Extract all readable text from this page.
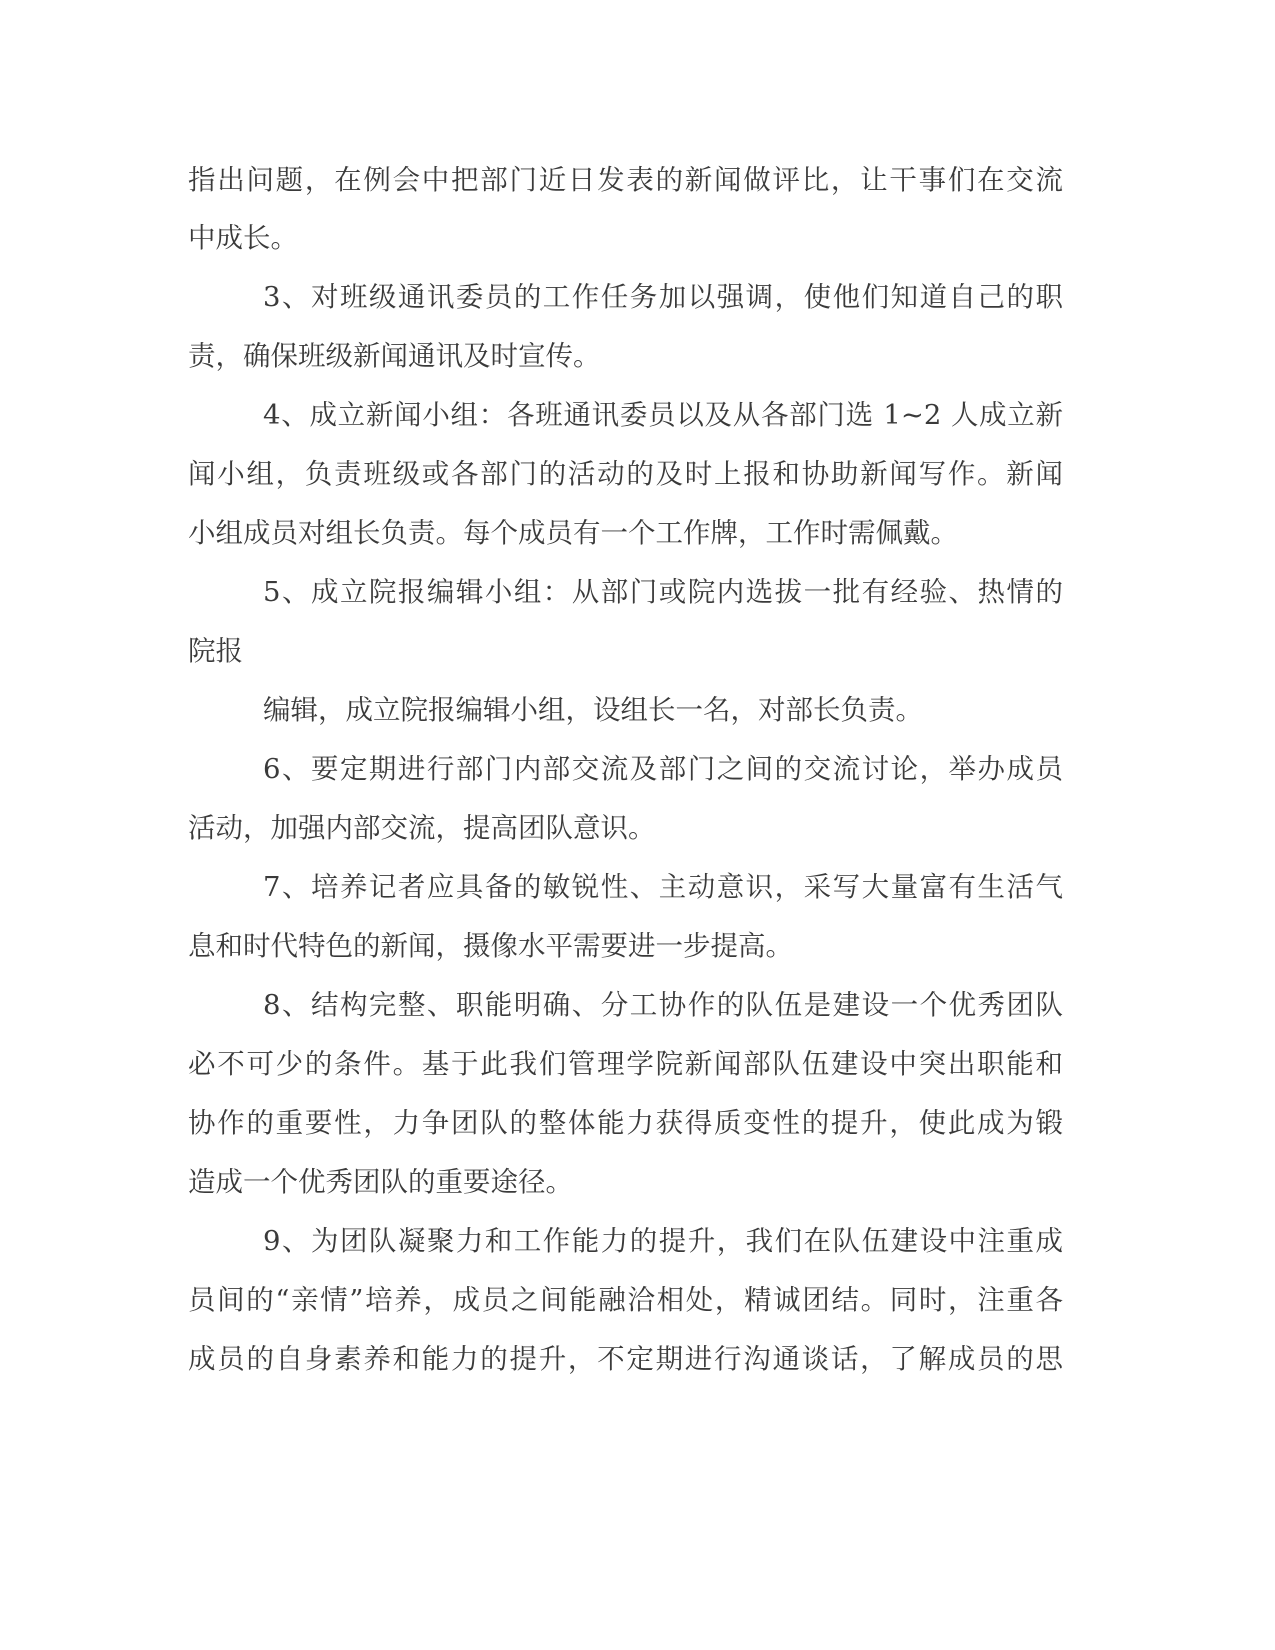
指出问题，在例会中把部门近日发表的新闻做评比，让干事们在交流
中成长。
3、对班级通讯委员的工作任务加以强调，使他们知道自己的职
责，确保班级新闻通讯及时宣传。
4、成立新闻小组：各班通讯委员以及从各部门选 1~2 人成立新
闻小组，负责班级或各部门的活动的及时上报和协助新闻写作。新闻
小组成员对组长负责。每个成员有一个工作牌，工作时需佩戴。
5、成立院报编辑小组：从部门或院内选拔一批有经验、热情的
院报
编辑，成立院报编辑小组，设组长一名，对部长负责。
6、要定期进行部门内部交流及部门之间的交流讨论，举办成员
活动，加强内部交流，提高团队意识。
7、培养记者应具备的敏锐性、主动意识，采写大量富有生活气
息和时代特色的新闻，摄像水平需要进一步提高。
8、结构完整、职能明确、分工协作的队伍是建设一个优秀团队
必不可少的条件。基于此我们管理学院新闻部队伍建设中突出职能和
协作的重要性，力争团队的整体能力获得质变性的提升，使此成为锻
造成一个优秀团队的重要途径。
9、为团队凝聚力和工作能力的提升，我们在队伍建设中注重成
员间的“亲情”培养，成员之间能融洽相处，精诚团结。同时，注重各
成员的自身素养和能力的提升，不定期进行沟通谈话，了解成员的思
